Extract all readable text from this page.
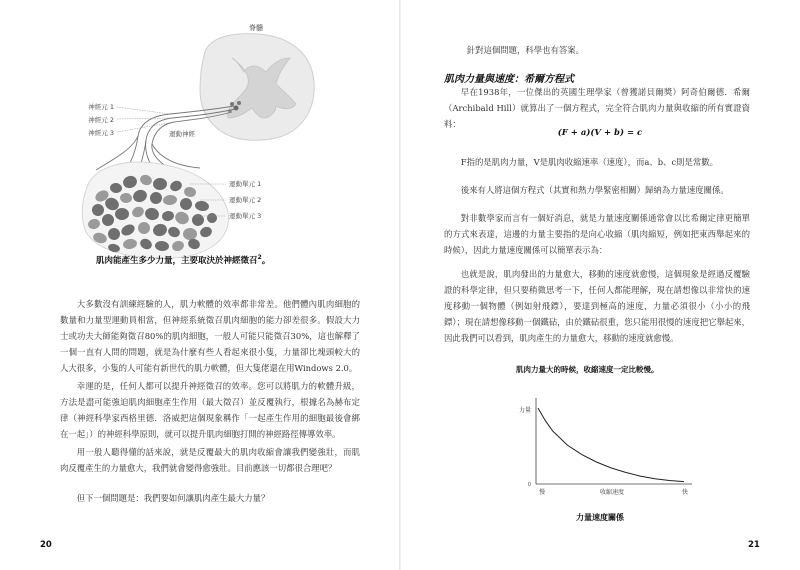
脊髓
神經元 1
神經元 2
神經元 3	運動神經
運動單元 1
運動單元 2
運動單元 3
肌肉能產生多少力量，主要取決於神經徵召$^2$。

大多數沒有訓練經驗的人，肌力軟體的效率都非常差。他們體內肌肉細胞的數量和力量型運動員相當，但神經系統徵召肌肉細胞的能力卻差很多。假設大力士或功夫大師能夠徵召80%的肌肉細胞，一般人可能只能徵召30%，這也解釋了一個一直有人問的問題，就是為什麼有些人看起來很小隻，力量卻比塊頭較大的人大很多，小隻的人可能有新世代的肌力軟體，但大隻佬還在用Windows 2.0。

幸運的是，任何人都可以提升神經徵召的效率。您可以將肌力的軟體升級，方法是盡可能強迫肌肉細胞產生作用（最大徵召）並反覆執行，根據名為赫布定律（神經科學家西格里德．洛威把這個現象稱作「一起產生作用的細胞最後會綁在一起」）的神經科學原則，就可以提升肌肉細胞打開的神經路徑傳導效率。

用一般人聽得懂的話來說，就是反覆最大的肌肉收縮會讓我們變強壯，而肌肉反覆產生的力量愈大，我們就會變得愈強壯。目前應該一切都很合理吧？

但下一個問題是：我們要如何讓肌肉產生最大力量？

20

針對這個問題，科學也有答案。

肌肉力量與速度：希爾方程式

早在1938年，一位傑出的英國生理學家（曾獲諾貝爾獎）阿奇伯爾德．希爾（Archibald Hill）就算出了一個方程式，完全符合肌肉力量與收縮的所有實證資料：

(F + a)(V + b) = c

F指的是肌肉力量，V是肌肉收縮速率（速度），而a、b、c則是常數。

後來有人將這個方程式（其實和熱力學緊密相關）歸納為力量速度關係。

對非數學家而言有一個好消息，就是力量速度關係通常會以比希爾定律更簡單的方式來表達，這邊的力量主要指的是向心收縮（肌肉縮短，例如把東西舉起來的時候），因此力量速度關係可以簡單表示為：

也就是說，肌肉發出的力量愈大，移動的速度就愈慢，這個現象是經過反覆驗證的科學定律，但只要稍微思考一下，任何人都能理解，現在請想像以非常快的速度移動一個物體（例如射飛鏢），要達到極高的速度，力量必須很小（小小的飛鏢）；現在請想像移動一個鐵砧，由於鐵砧很重，您只能用很慢的速度把它舉起來，因此我們可以看到，肌肉產生的力量愈大，移動的速度就愈慢。

肌肉力量大的時候，收縮速度一定比較慢。
力量
0
慢	收縮速度	快
力量速度關係
21
